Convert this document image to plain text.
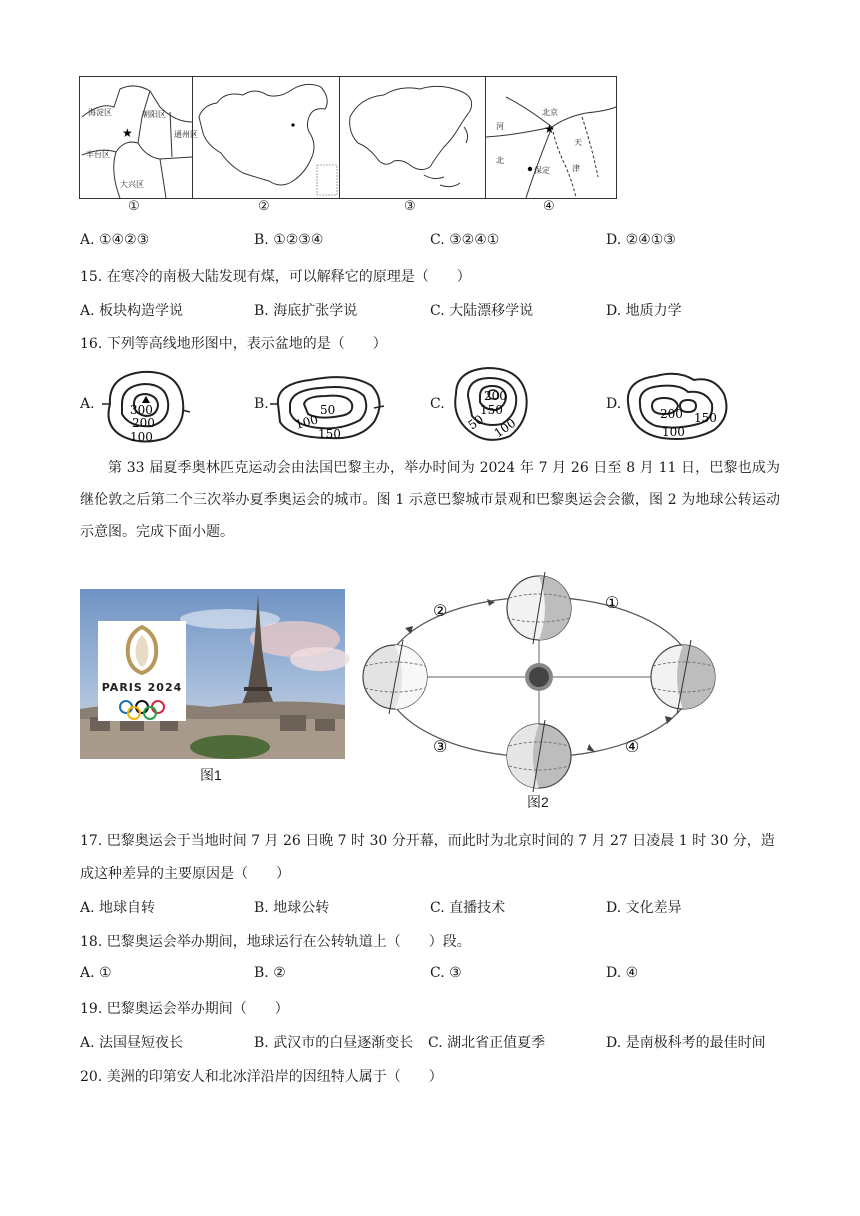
★
海淀区	朝阳区
通州区
丰台区
大兴区
★
北京
河
北
天
津
保定
①	②	③	④
A. ①④②③	B. ①②③④	C. ③②④①	D. ②④①③
15. 在寒冷的南极大陆发现有煤，可以解释它的原理是（　　）
A. 板块构造学说	B. 海底扩张学说	C. 大陆漂移学说	D. 地质力学
16. 下列等高线地形图中，表示盆地的是（　　）
A.	300
200
100
B.	50
100
150
C.	200
150
50 100
D.
200 150
100
第 33 届夏季奥林匹克运动会由法国巴黎主办，举办时间为 2024 年 7 月 26 日至 8 月 11 日，巴黎也成为继伦敦之后第二个三次举办夏季奥运会的城市。图 1 示意巴黎城市景观和巴黎奥运会会徽，图 2 为地球公转运动示意图。完成下面小题。
PARIS 2024
图1
②	①
③	④
图2
17. 巴黎奥运会于当地时间 7 月 26 日晚 7 时 30 分开幕，而此时为北京时间的 7 月 27 日凌晨 1 时 30 分，造
成这种差异的主要原因是（　　）
A. 地球自转	B. 地球公转	C. 直播技术	D. 文化差异
18. 巴黎奥运会举办期间，地球运行在公转轨道上（　　）段。
A. ①	B. ②	C. ③	D. ④
19. 巴黎奥运会举办期间（　　）
A. 法国昼短夜长	B. 武汉市的白昼逐渐变长 C. 湖北省正值夏季	D. 是南极科考的最佳时间
20. 美洲的印第安人和北冰洋沿岸的因纽特人属于（　　）
